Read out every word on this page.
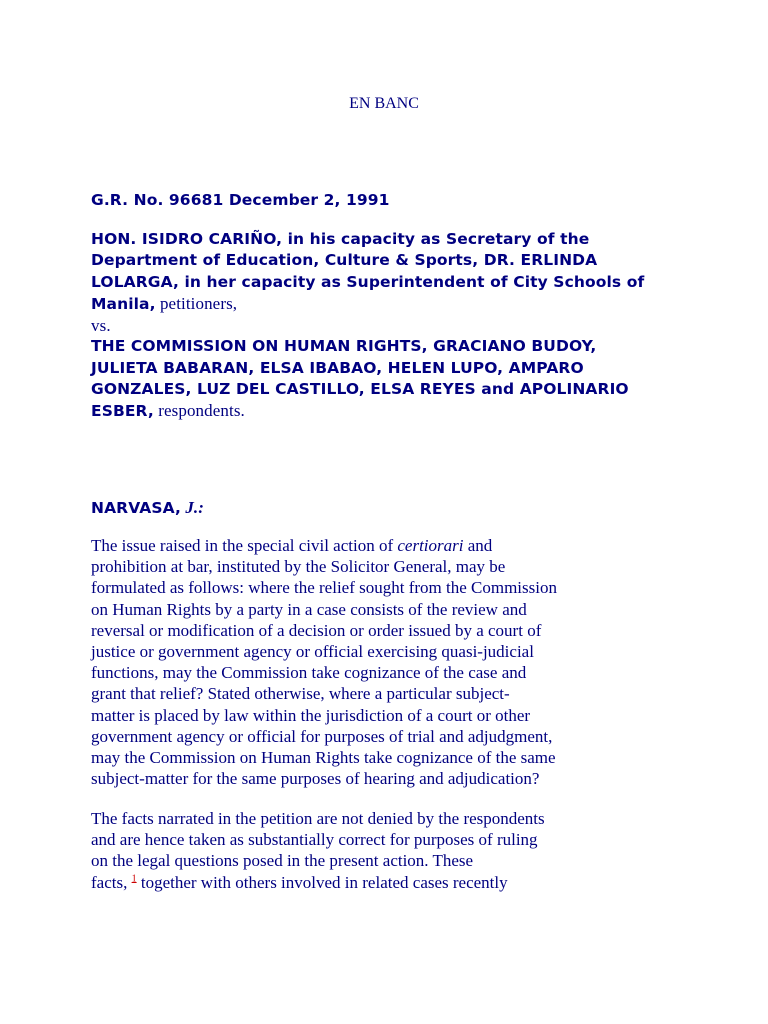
EN BANC
G.R. No. 96681 December 2, 1991
HON. ISIDRO CARIÑO, in his capacity as Secretary of the
Department of Education, Culture & Sports, DR. ERLINDA
LOLARGA, in her capacity as Superintendent of City Schools of
Manila, petitioners,
vs.
THE COMMISSION ON HUMAN RIGHTS, GRACIANO BUDOY,
JULIETA BABARAN, ELSA IBABAO, HELEN LUPO, AMPARO
GONZALES, LUZ DEL CASTILLO, ELSA REYES and APOLINARIO
ESBER, respondents.
NARVASA, J.:
The issue raised in the special civil action of certiorari and
prohibition at bar, instituted by the Solicitor General, may be
formulated as follows: where the relief sought from the Commission
on Human Rights by a party in a case consists of the review and
reversal or modification of a decision or order issued by a court of
justice or government agency or official exercising quasi-judicial
functions, may the Commission take cognizance of the case and
grant that relief? Stated otherwise, where a particular subject-
matter is placed by law within the jurisdiction of a court or other
government agency or official for purposes of trial and adjudgment,
may the Commission on Human Rights take cognizance of the same
subject-matter for the same purposes of hearing and adjudication?
The facts narrated in the petition are not denied by the respondents
and are hence taken as substantially correct for purposes of ruling
on the legal questions posed in the present action. These
facts, $^1$ together with others involved in related cases recently
